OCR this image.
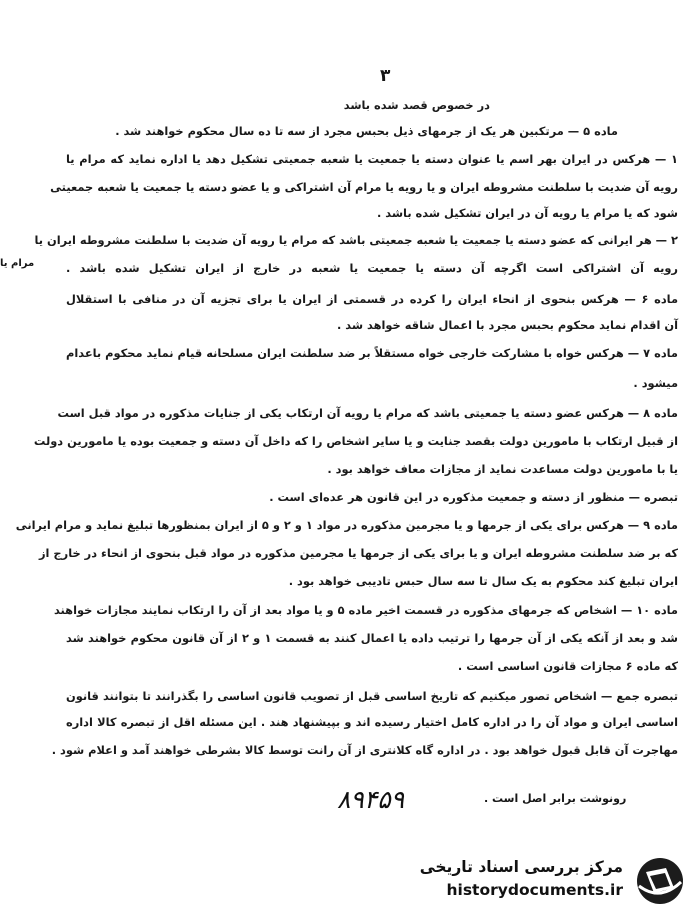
۳
در خصوص قصد شده باشد
ماده ۵ — مرتکبین هر یک از جرمهای ذیل بحبس مجرد از سه تا ده سال محکوم خواهند شد .
۱ — هرکس در ایران بهر اسم یا عنوان دسته یا جمعیت یا شعبه جمعیتی تشکیل دهد یا اداره نماید که مرام یا
رویه آن ضدیت با سلطنت مشروطه ایران و یا رویه یا مرام آن اشتراکی و یا عضو دسته یا جمعیت یا شعبه جمعیتی
شود که یا مرام یا رویه آن در ایران تشکیل شده باشد .
۲ — هر ایرانی که عضو دسته یا جمعیت یا شعبه جمعیتی باشد که مرام یا رویه آن ضدیت با سلطنت مشروطه ایران یا
مرام یا	رویه آن اشتراکی است اگرچه آن دسته یا جمعیت یا شعبه در خارج از ایران تشکیل شده باشد .
ماده ۶ — هرکس بنحوی از انحاء ایران را کرده در قسمتی از ایران یا برای تجزیه آن در منافی با استقلال
آن اقدام نماید محکوم بحبس مجرد با اعمال شاقه خواهد شد .
ماده ۷ — هرکس خواه با مشارکت خارجی خواه مستقلاً بر ضد سلطنت ایران مسلحانه قیام نماید محکوم باعدام
میشود .
ماده ۸ — هرکس عضو دسته یا جمعیتی باشد که مرام یا رویه آن ارتکاب یکی از جنایات مذکوره در مواد قبل است
از قبیل ارتکاب با مامورین دولت بقصد جنایت و یا سایر اشخاص را که داخل آن دسته و جمعیت بوده یا مامورین دولت
یا با مامورین دولت مساعدت نماید از مجازات معاف خواهد بود .
تبصره — منظور از دسته و جمعیت مذکوره در این قانون هر عده‌ای است .
ماده ۹ — هرکس برای یکی از جرمها و یا مجرمین مذکوره در مواد ۱ و ۲ و ۵ از ایران بمنظورها تبلیغ نماید و مرام ایرانی
که بر ضد سلطنت مشروطه ایران و یا برای یکی از جرمها یا مجرمین مذکوره در مواد قبل بنحوی از انحاء در خارج از
ایران تبلیغ کند محکوم به یک سال تا سه سال حبس تادیبی خواهد بود .
ماده ۱۰ — اشخاص که جرمهای مذکوره در قسمت اخیر ماده ۵ و یا مواد بعد از آن را ارتکاب نمایند مجازات خواهند
شد و بعد از آنکه یکی از آن جرمها را ترتیب داده یا اعمال کنند به قسمت ۱ و ۲ از آن قانون محکوم خواهند شد
که ماده ۶ مجازات قانون اساسی است .
تبصره جمع — اشخاص تصور میکنیم که تاریخ اساسی قبل از تصویب قانون اساسی را بگذرانند تا بتوانند قانون
اساسی ایران و مواد آن را در اداره کامل اختیار رسیده اند و بپیشنهاد هند . این مسئله اقل از تبصره کالا اداره
مهاجرت آن قابل قبول خواهد بود . در اداره گاه کلانتری از آن رانت توسط کالا بشرطی خواهند آمد و اعلام شود .
۸۹۴۵۹	رونوشت برابر اصل است .
مرکز بررسی اسناد تاریخی
historydocuments.ir
